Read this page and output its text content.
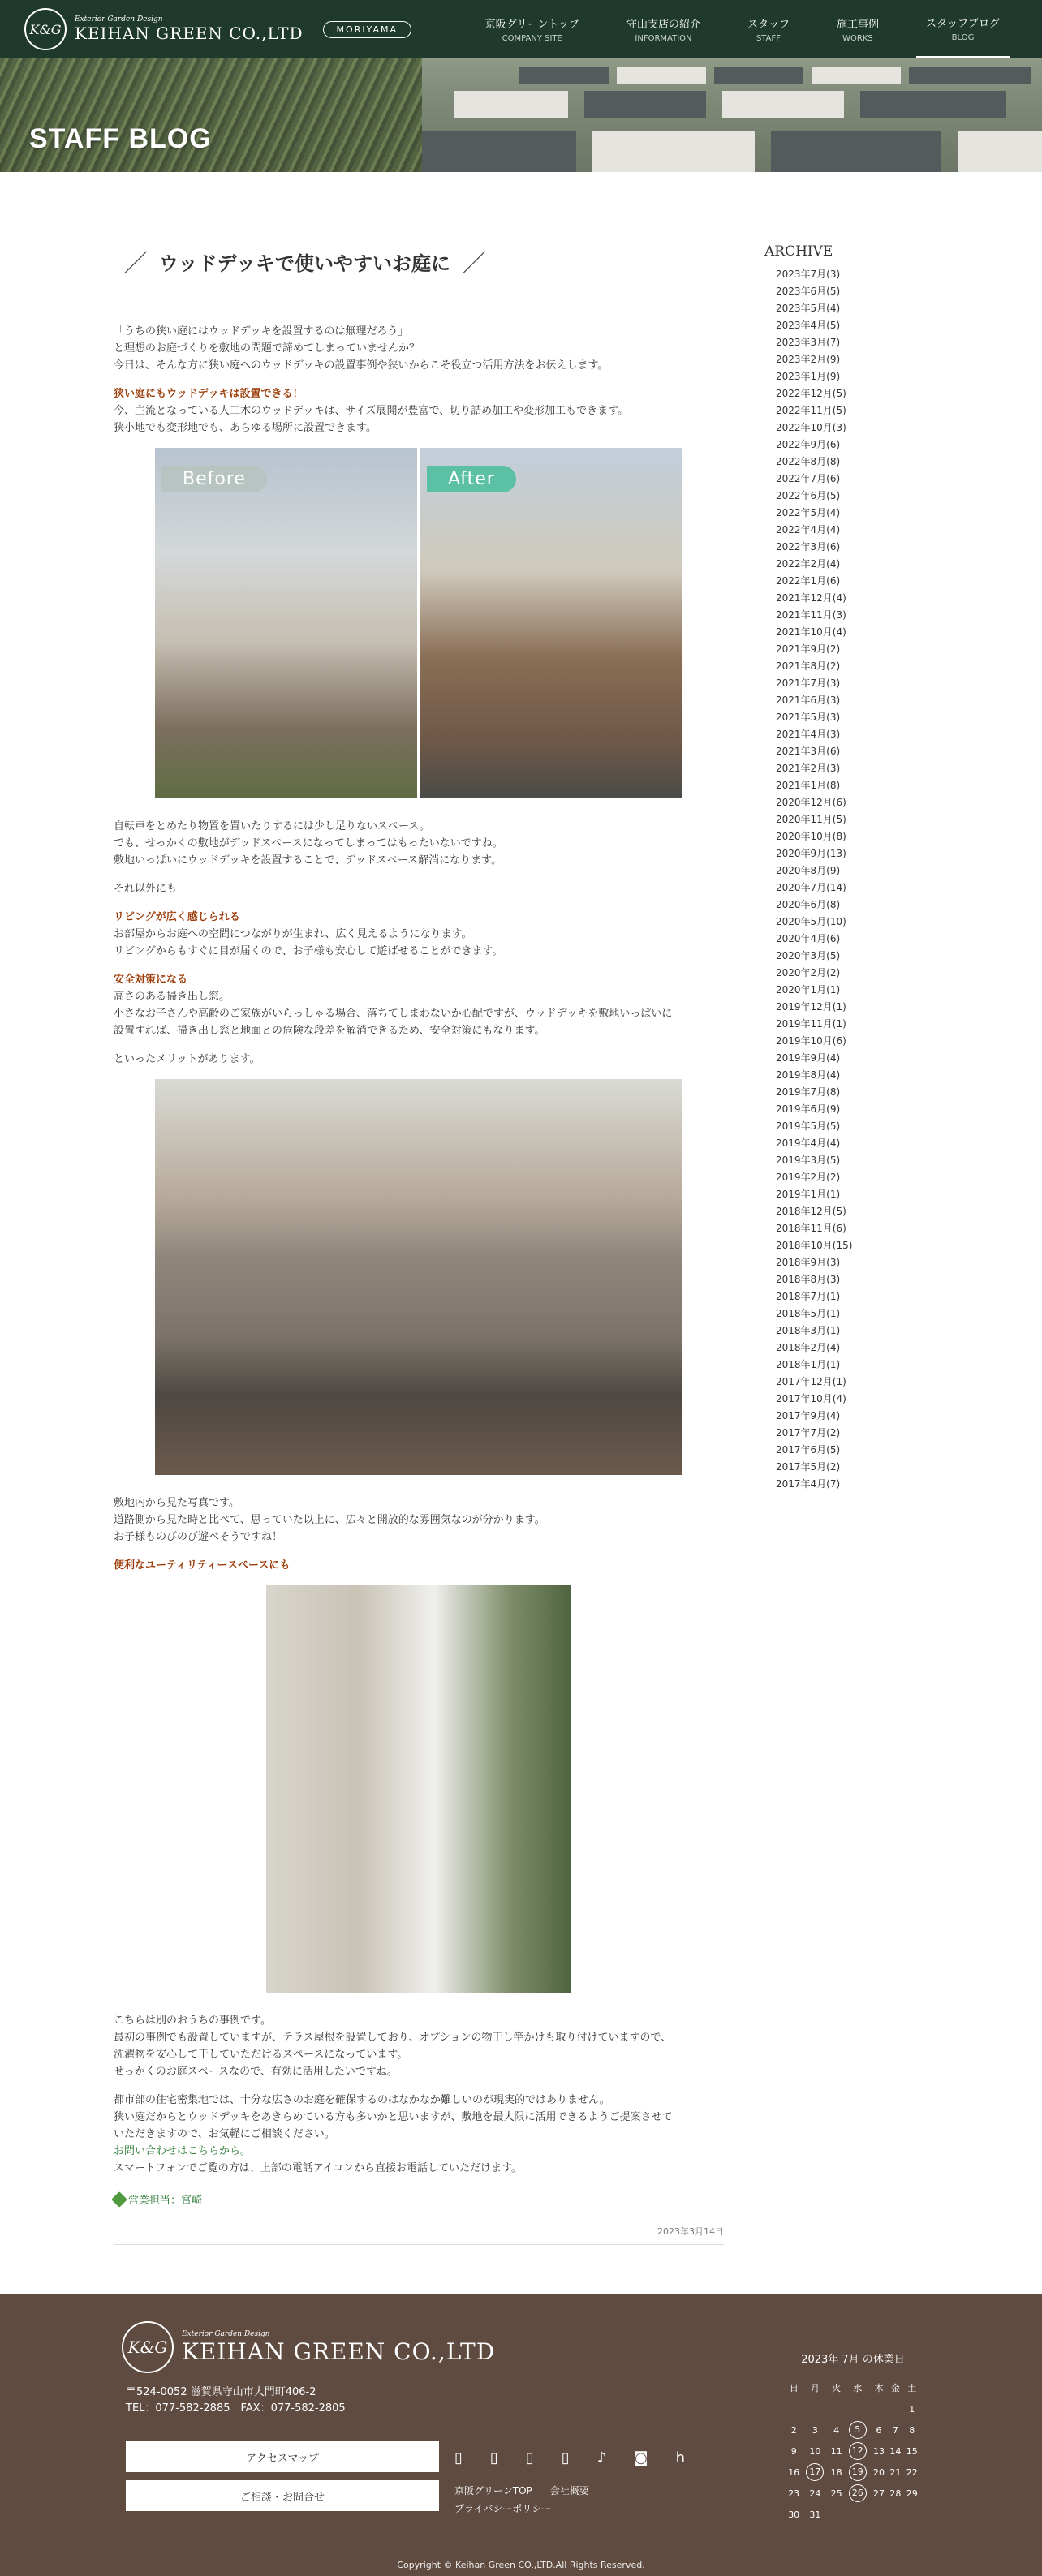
K&G
Exterior Garden Design
KEIHAN GREEN CO.,LTD	MORIYAMA	京阪グリーントップ
COMPANY SITE
守山支店の紹介
INFORMATION
スタッフ
STAFF
施工事例
WORKS
スタッフブログ
BLOG
STAFF BLOG
／ ウッドデッキで使いやすいお庭に ／

「うちの狭い庭にはウッドデッキを設置するのは無理だろう」
と理想のお庭づくりを敷地の問題で諦めてしまっていませんか？
今日は、そんな方に狭い庭へのウッドデッキの設置事例や狭いからこそ役立つ活用方法をお伝えします。

狭い庭にもウッドデッキは設置できる！

今、主流となっている人工木のウッドデッキは、サイズ展開が豊富で、切り詰め加工や変形加工もできます。
狭小地でも変形地でも、あらゆる場所に設置できます。

Before	After

自転車をとめたり物置を置いたりするには少し足りないスペース。
でも、せっかくの敷地がデッドスペースになってしまってはもったいないですね。
敷地いっぱいにウッドデッキを設置することで、デッドスペース解消になります。

それ以外にも

リビングが広く感じられる

お部屋からお庭への空間につながりが生まれ、広く見えるようになります。
リビングからもすぐに目が届くので、お子様も安心して遊ばせることができます。

安全対策になる

高さのある掃き出し窓。
小さなお子さんや高齢のご家族がいらっしゃる場合、落ちてしまわないか心配ですが、ウッドデッキを敷地いっぱいに
設置すれば、掃き出し窓と地面との危険な段差を解消できるため、安全対策にもなります。

といったメリットがあります。

敷地内から見た写真です。
道路側から見た時と比べて、思っていた以上に、広々と開放的な雰囲気なのが分かります。
お子様ものびのび遊べそうですね！

便利なユーティリティースペースにも

こちらは別のおうちの事例です。
最初の事例でも設置していますが、テラス屋根を設置しており、オプションの物干し竿かけも取り付けていますので、
洗濯物を安心して干していただけるスペースになっています。
せっかくのお庭スペースなので、有効に活用したいですね。

都市部の住宅密集地では、十分な広さのお庭を確保するのはなかなか難しいのが現実的ではありません。
狭い庭だからとウッドデッキをあきらめている方も多いかと思いますが、敷地を最大限に活用できるようご提案させて
いただきますので、お気軽にご相談ください。
お問い合わせはこちらから。
スマートフォンでご覧の方は、上部の電話アイコンから直接お電話していただけます。

営業担当：宮崎
2023年3月14日
ARCHIVE
2023年7月(3)
2023年6月(5)
2023年5月(4)
2023年4月(5)
2023年3月(7)
2023年2月(9)
2023年1月(9)
2022年12月(5)
2022年11月(5)
2022年10月(3)
2022年9月(6)
2022年8月(8)
2022年7月(6)
2022年6月(5)
2022年5月(4)
2022年4月(4)
2022年3月(6)
2022年2月(4)
2022年1月(6)
2021年12月(4)
2021年11月(3)
2021年10月(4)
2021年9月(2)
2021年8月(2)
2021年7月(3)
2021年6月(3)
2021年5月(3)
2021年4月(3)
2021年3月(6)
2021年2月(3)
2021年1月(8)
2020年12月(6)
2020年11月(5)
2020年10月(8)
2020年9月(13)
2020年8月(9)
2020年7月(14)
2020年6月(8)
2020年5月(10)
2020年4月(6)
2020年3月(5)
2020年2月(2)
2020年1月(1)
2019年12月(1)
2019年11月(1)
2019年10月(6)
2019年9月(4)
2019年8月(4)
2019年7月(8)
2019年6月(9)
2019年5月(5)
2019年4月(4)
2019年3月(5)
2019年2月(2)
2019年1月(1)
2018年12月(5)
2018年11月(6)
2018年10月(15)
2018年9月(3)
2018年8月(3)
2018年7月(1)
2018年5月(1)
2018年3月(1)
2018年2月(4)
2018年1月(1)
2017年12月(1)
2017年10月(4)
2017年9月(4)
2017年7月(2)
2017年6月(5)
2017年5月(2)
2017年4月(7)
K&G
Exterior Garden Design
KEIHAN GREEN CO.,LTD
〒524-0052 滋賀県守山市大門町406-2
TEL：077-582-2885　FAX：077-582-2805
アクセスマップ
ご相談・お問合せ
▯ ▯ ▯ ▯ ♪ ◙ h
京阪グリーンTOP 会社概要
プライバシーポリシー
2023年 7月 の休業日
日	月	火	水	木	金	土
						1
2	3	4	5	6	7	8
9	10	11	12	13	14	15
16	17	18	19	20	21	22
23	24	25	26	27	28	29
30	31					
Copyright © Keihan Green CO.,LTD.All Rights Reserved.
